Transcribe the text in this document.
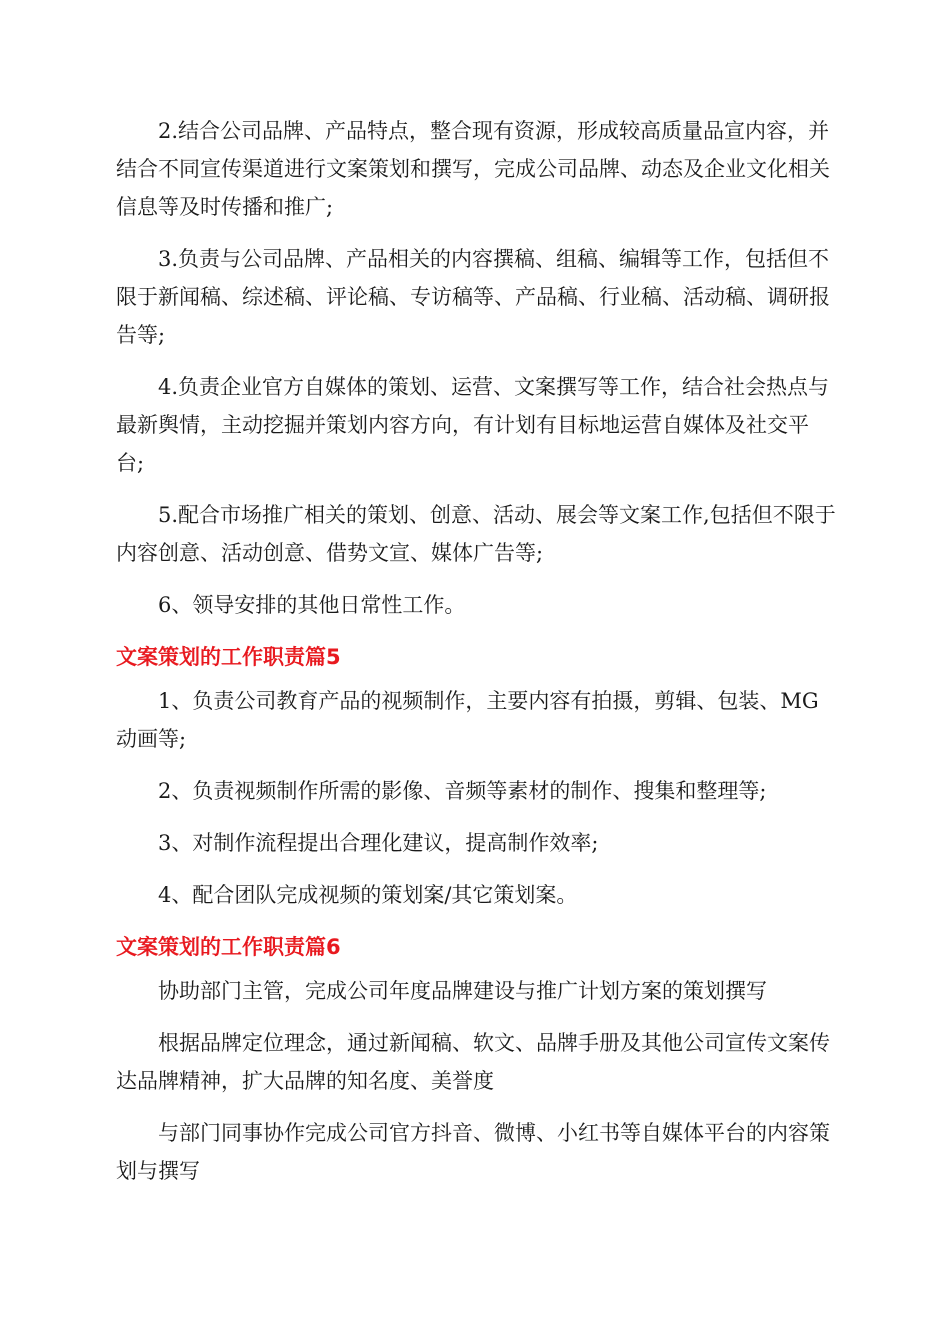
2.结合公司品牌、产品特点，整合现有资源，形成较高质量品宣内容，并结合不同宣传渠道进行文案策划和撰写，完成公司品牌、动态及企业文化相关信息等及时传播和推广;

3.负责与公司品牌、产品相关的内容撰稿、组稿、编辑等工作，包括但不限于新闻稿、综述稿、评论稿、专访稿等、产品稿、行业稿、活动稿、调研报告等;

4.负责企业官方自媒体的策划、运营、文案撰写等工作，结合社会热点与最新舆情，主动挖掘并策划内容方向，有计划有目标地运营自媒体及社交平台;

5.配合市场推广相关的策划、创意、活动、展会等文案工作,包括但不限于内容创意、活动创意、借势文宣、媒体广告等;

6、领导安排的其他日常性工作。

文案策划的工作职责篇5

1、负责公司教育产品的视频制作，主要内容有拍摄，剪辑、包装、MG动画等;

2、负责视频制作所需的影像、音频等素材的制作、搜集和整理等;

3、对制作流程提出合理化建议，提高制作效率;

4、配合团队完成视频的策划案/其它策划案。

文案策划的工作职责篇6

协助部门主管，完成公司年度品牌建设与推广计划方案的策划撰写

根据品牌定位理念，通过新闻稿、软文、品牌手册及其他公司宣传文案传达品牌精神，扩大品牌的知名度、美誉度

与部门同事协作完成公司官方抖音、微博、小红书等自媒体平台的内容策划与撰写
